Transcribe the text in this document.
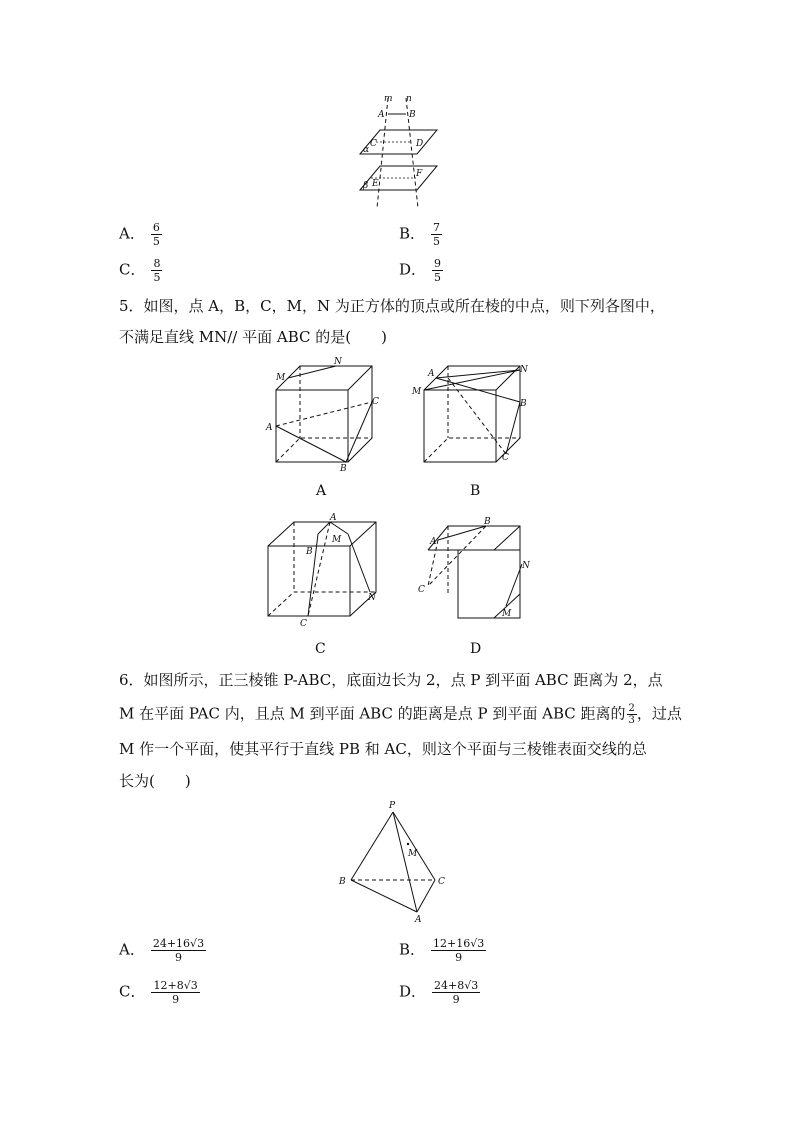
m n
A	B
C	D
α
β E
F
A． $\frac{6}{5}$	B． $\frac{7}{5}$
C． $\frac{8}{5}$	D． $\frac{9}{5}$
5．如图，点 A，B，C，M，N 为正方体的顶点或所在棱的中点，则下列各图中，
不满足直线 MN// 平面 ABC 的是(　　)
M
N
C
A
B
A
A
M
N
B
C
B
A
B
M
N
C
C
A
B
C
N
M
D
6．如图所示，正三棱锥 P-ABC，底面边长为 2，点 P 到平面 ABC 距离为 2，点
M 在平面 PAC 内，且点 M 到平面 ABC 的距离是点 P 到平面 ABC 距离的 $\frac{2}{3}$ ，过点
M 作一个平面，使其平行于直线 PB 和 AC，则这个平面与三棱锥表面交线的总
长为(　　)
P
M
B	C
A
A． $\frac{24+16√3}{9}$	B． $\frac{12+16√3}{9}$
C． $\frac{12+8√3}{9}$	D． $\frac{24+8√3}{9}$
